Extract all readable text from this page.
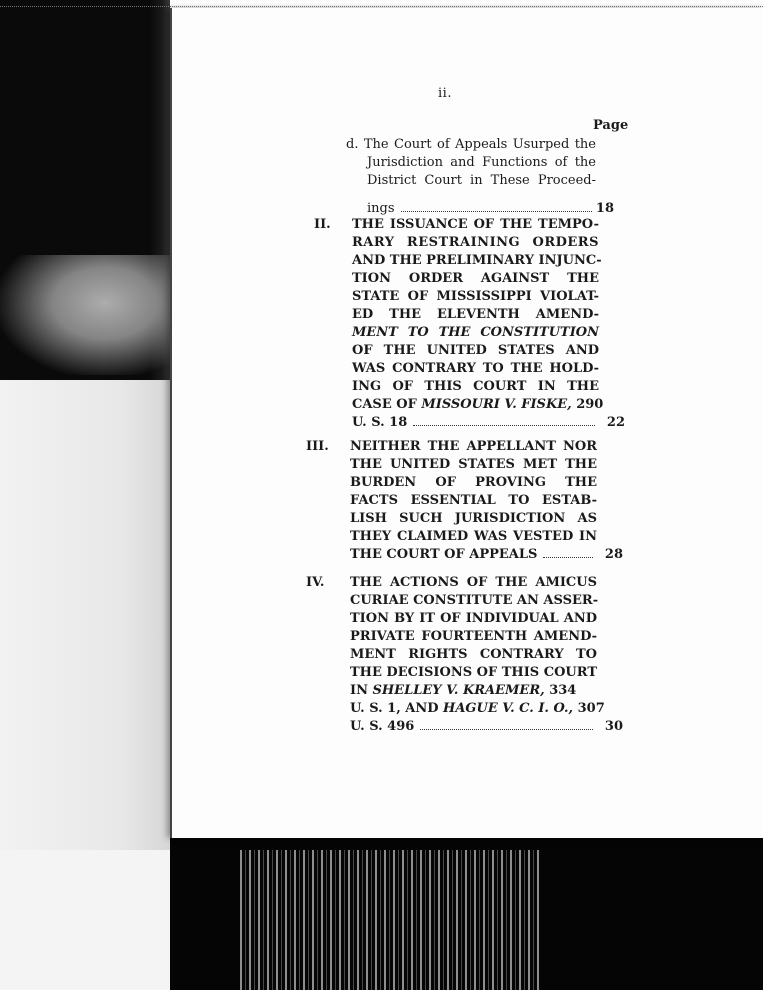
ii.
Page
d. The Court of Appeals Usurped the
Jurisdiction and Functions of the
District Court in These Proceed-
ings	18
II. THE ISSUANCE OF THE TEMPO-
RARY RESTRAINING ORDERS
AND THE PRELIMINARY INJUNC-
TION ORDER AGAINST THE
STATE OF MISSISSIPPI VIOLAT-
ED THE ELEVENTH AMEND-
MENT TO THE CONSTITUTION
OF THE UNITED STATES AND
WAS CONTRARY TO THE HOLD-
ING OF THIS COURT IN THE
CASE OF MISSOURI V. FISKE, 290
U. S. 18	22
III. NEITHER THE APPELLANT NOR
THE UNITED STATES MET THE
BURDEN OF PROVING THE
FACTS ESSENTIAL TO ESTAB-
LISH SUCH JURISDICTION AS
THEY CLAIMED WAS VESTED IN
THE COURT OF APPEALS	28
IV. THE ACTIONS OF THE AMICUS
CURIAE CONSTITUTE AN ASSER-
TION BY IT OF INDIVIDUAL AND
PRIVATE FOURTEENTH AMEND-
MENT RIGHTS CONTRARY TO
THE DECISIONS OF THIS COURT
IN SHELLEY V. KRAEMER, 334
U. S. 1, AND HAGUE V. C. I. O., 307
U. S. 496	30
